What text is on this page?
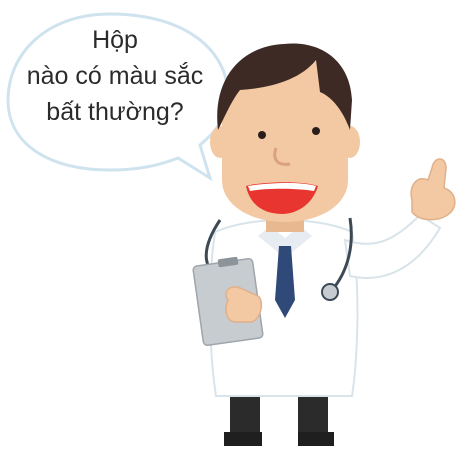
Hộp
nào có màu sắc
bất thường?
